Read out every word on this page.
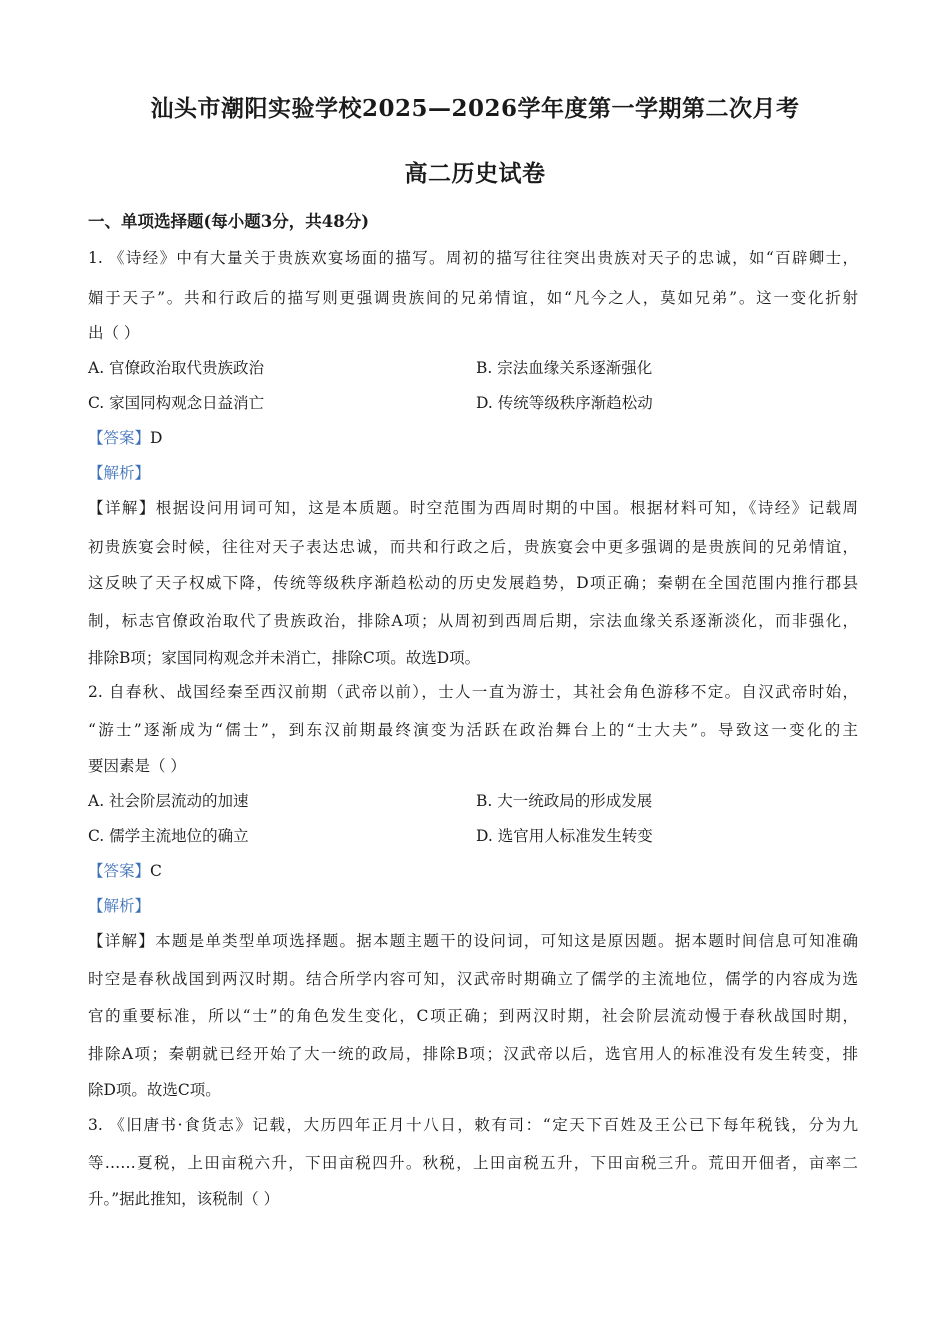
汕头市潮阳实验学校2025—2026学年度第一学期第二次月考
高二历史试卷
一、单项选择题(每小题3分，共48分)
1. 《诗经》中有大量关于贵族欢宴场面的描写。周初的描写往往突出贵族对天子的忠诚，如“百辟卿士，
媚于天子”。共和行政后的描写则更强调贵族间的兄弟情谊，如“凡今之人，莫如兄弟”。这一变化折射
出（ ）
A. 官僚政治取代贵族政治	B. 宗法血缘关系逐渐强化
C. 家国同构观念日益消亡	D. 传统等级秩序渐趋松动
【答案】D
【解析】
【详解】根据设问用词可知，这是本质题。时空范围为西周时期的中国。根据材料可知，《诗经》记载周
初贵族宴会时候，往往对天子表达忠诚，而共和行政之后，贵族宴会中更多强调的是贵族间的兄弟情谊，
这反映了天子权威下降，传统等级秩序渐趋松动的历史发展趋势，D项正确；秦朝在全国范围内推行郡县
制，标志官僚政治取代了贵族政治，排除A项；从周初到西周后期，宗法血缘关系逐渐淡化，而非强化，
排除B项；家国同构观念并未消亡，排除C项。故选D项。
2. 自春秋、战国经秦至西汉前期（武帝以前），士人一直为游士，其社会角色游移不定。自汉武帝时始，
“游士”逐渐成为“儒士”，到东汉前期最终演变为活跃在政治舞台上的“士大夫”。导致这一变化的主
要因素是（ ）
A. 社会阶层流动的加速	B. 大一统政局的形成发展
C. 儒学主流地位的确立	D. 选官用人标准发生转变
【答案】C
【解析】
【详解】本题是单类型单项选择题。据本题主题干的设问词，可知这是原因题。据本题时间信息可知准确
时空是春秋战国到两汉时期。结合所学内容可知，汉武帝时期确立了儒学的主流地位，儒学的内容成为选
官的重要标准，所以“士”的角色发生变化，C项正确；到两汉时期，社会阶层流动慢于春秋战国时期，
排除A项；秦朝就已经开始了大一统的政局，排除B项；汉武帝以后，选官用人的标准没有发生转变，排
除D项。故选C项。
3. 《旧唐书·食货志》记载，大历四年正月十八日，敕有司：“定天下百姓及王公已下每年税钱，分为九
等……夏税，上田亩税六升，下田亩税四升。秋税，上田亩税五升，下田亩税三升。荒田开佃者，亩率二
升。”据此推知，该税制（ ）
